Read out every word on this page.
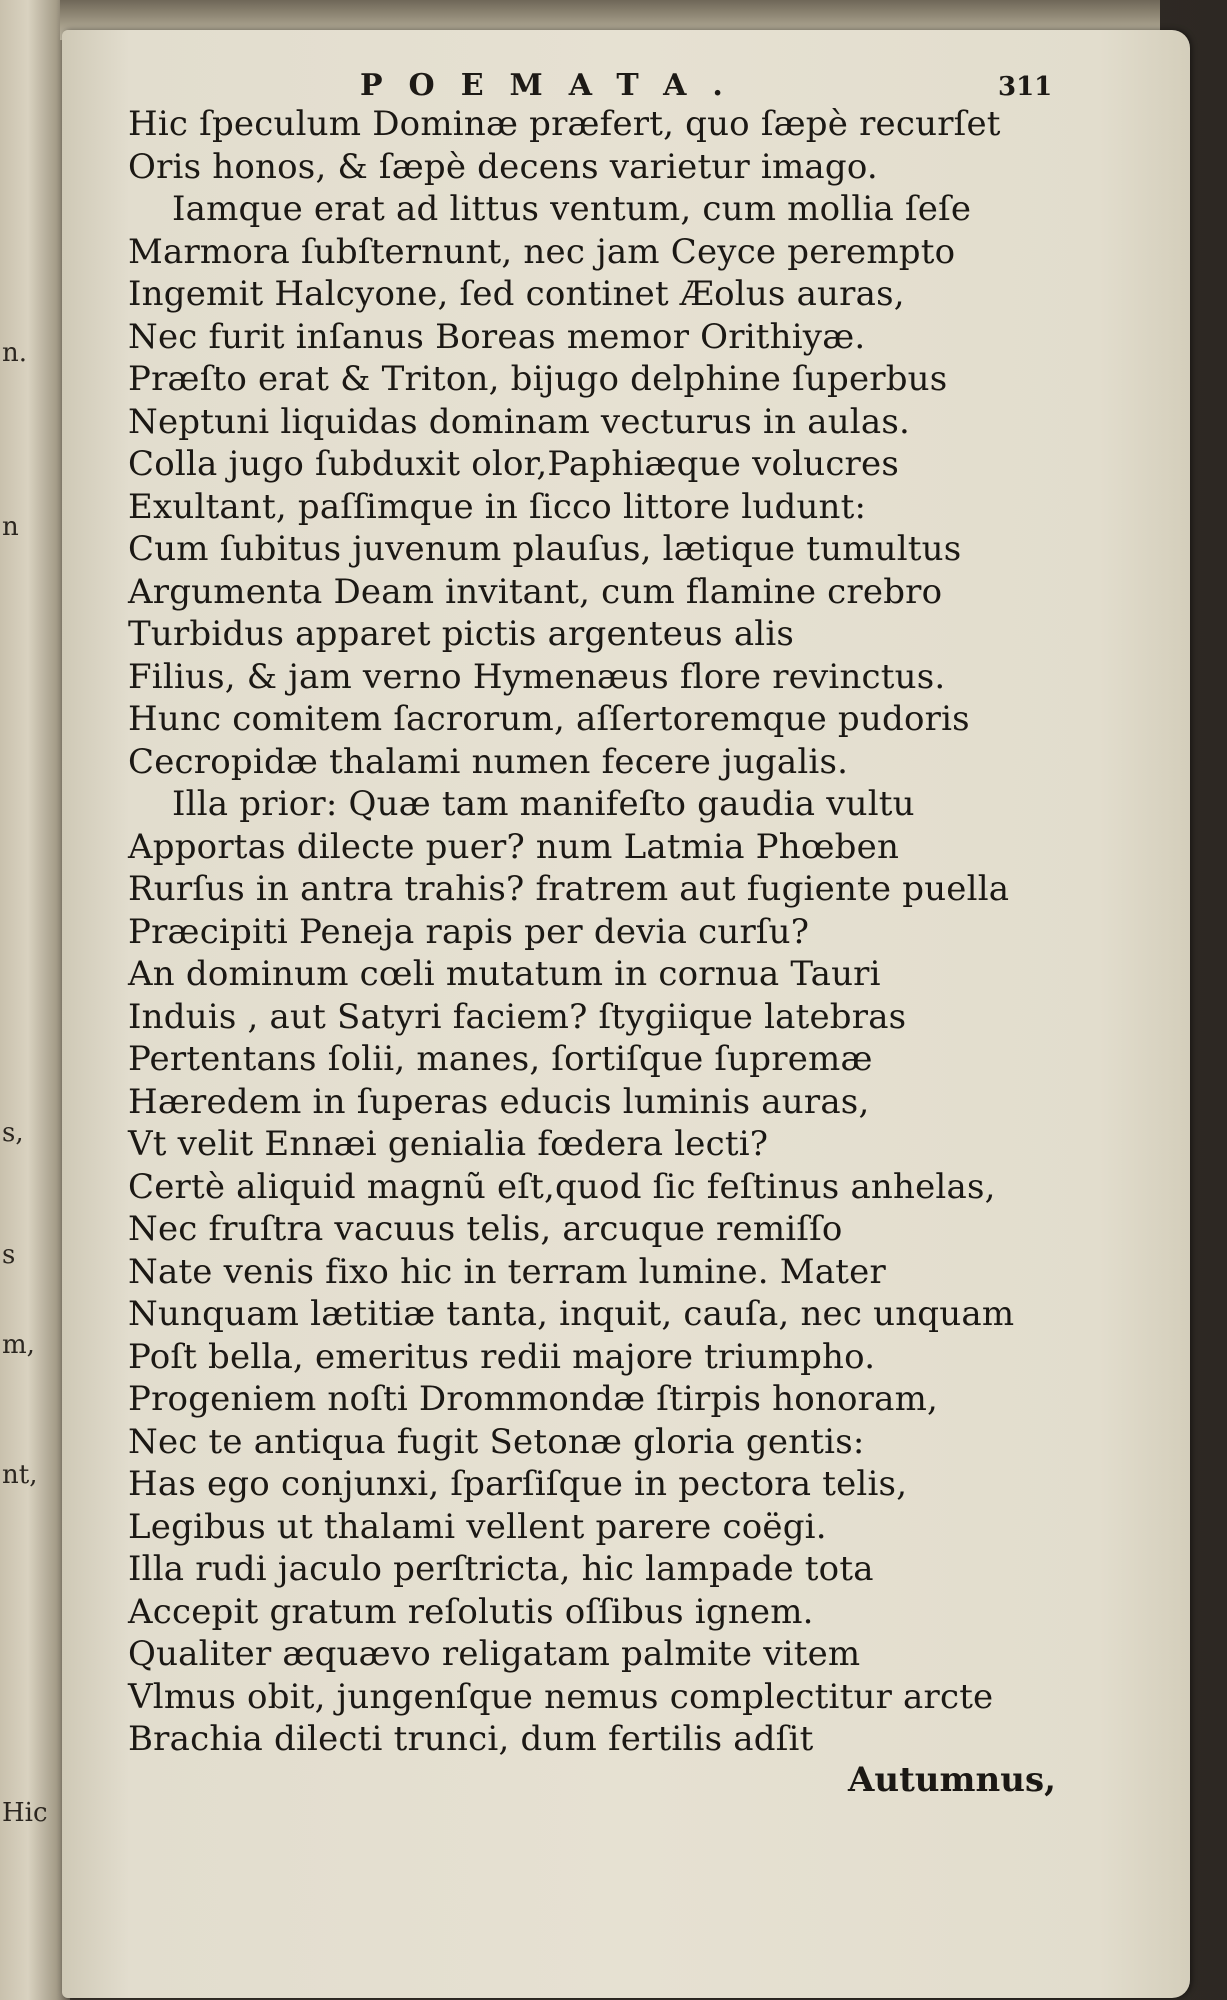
n.
n
s,
s
m,
nt,
Hic
POEMATA.	311
Hic ſpeculum Dominæ præfert, quo ſæpè recurſet
Oris honos, & ſæpè decens varietur imago.
Iamque erat ad littus ventum, cum mollia ſeſe
Marmora ſubſternunt, nec jam Ceyce perempto
Ingemit Halcyone, ſed continet Æolus auras,
Nec furit inſanus Boreas memor Orithiyæ.
Præſto erat & Triton, bijugo delphine ſuperbus
Neptuni liquidas dominam vecturus in aulas.
Colla jugo ſubduxit olor,Paphiæque volucres
Exultant, paſſimque in ſicco littore ludunt:
Cum ſubitus juvenum plauſus, lætique tumultus
Argumenta Deam invitant, cum flamine crebro
Turbidus apparet pictis argenteus alis
Filius, & jam verno Hymenæus flore revinctus.
Hunc comitem ſacrorum, aſſertoremque pudoris
Cecropidæ thalami numen fecere jugalis.
Illa prior: Quæ tam manifeſto gaudia vultu
Apportas dilecte puer? num Latmia Phœben
Rurſus in antra trahis? fratrem aut fugiente puella
Præcipiti Peneja rapis per devia curſu?
An dominum cœli mutatum in cornua Tauri
Induis , aut Satyri faciem? ſtygiique latebras
Pertentans ſolii, manes, ſortiſque ſupremæ
Hæredem in ſuperas educis luminis auras,
Vt velit Ennæi genialia fœdera lecti?
Certè aliquid magnũ eſt,quod ſic feſtinus anhelas,
Nec fruſtra vacuus telis, arcuque remiſſo
Nate venis fixo hic in terram lumine. Mater
Nunquam lætitiæ tanta, inquit, cauſa, nec unquam
Poſt bella, emeritus redii majore triumpho.
Progeniem noſti Drommondæ ſtirpis honoram,
Nec te antiqua fugit Setonæ gloria gentis:
Has ego conjunxi, ſparſiſque in pectora telis,
Legibus ut thalami vellent parere coëgi.
Illa rudi jaculo perſtricta, hic lampade tota
Accepit gratum reſolutis oſſibus ignem.
Qualiter æquævo religatam palmite vitem
Vlmus obit, jungenſque nemus complectitur arcte
Brachia dilecti trunci, dum fertilis adſit
Autumnus,
